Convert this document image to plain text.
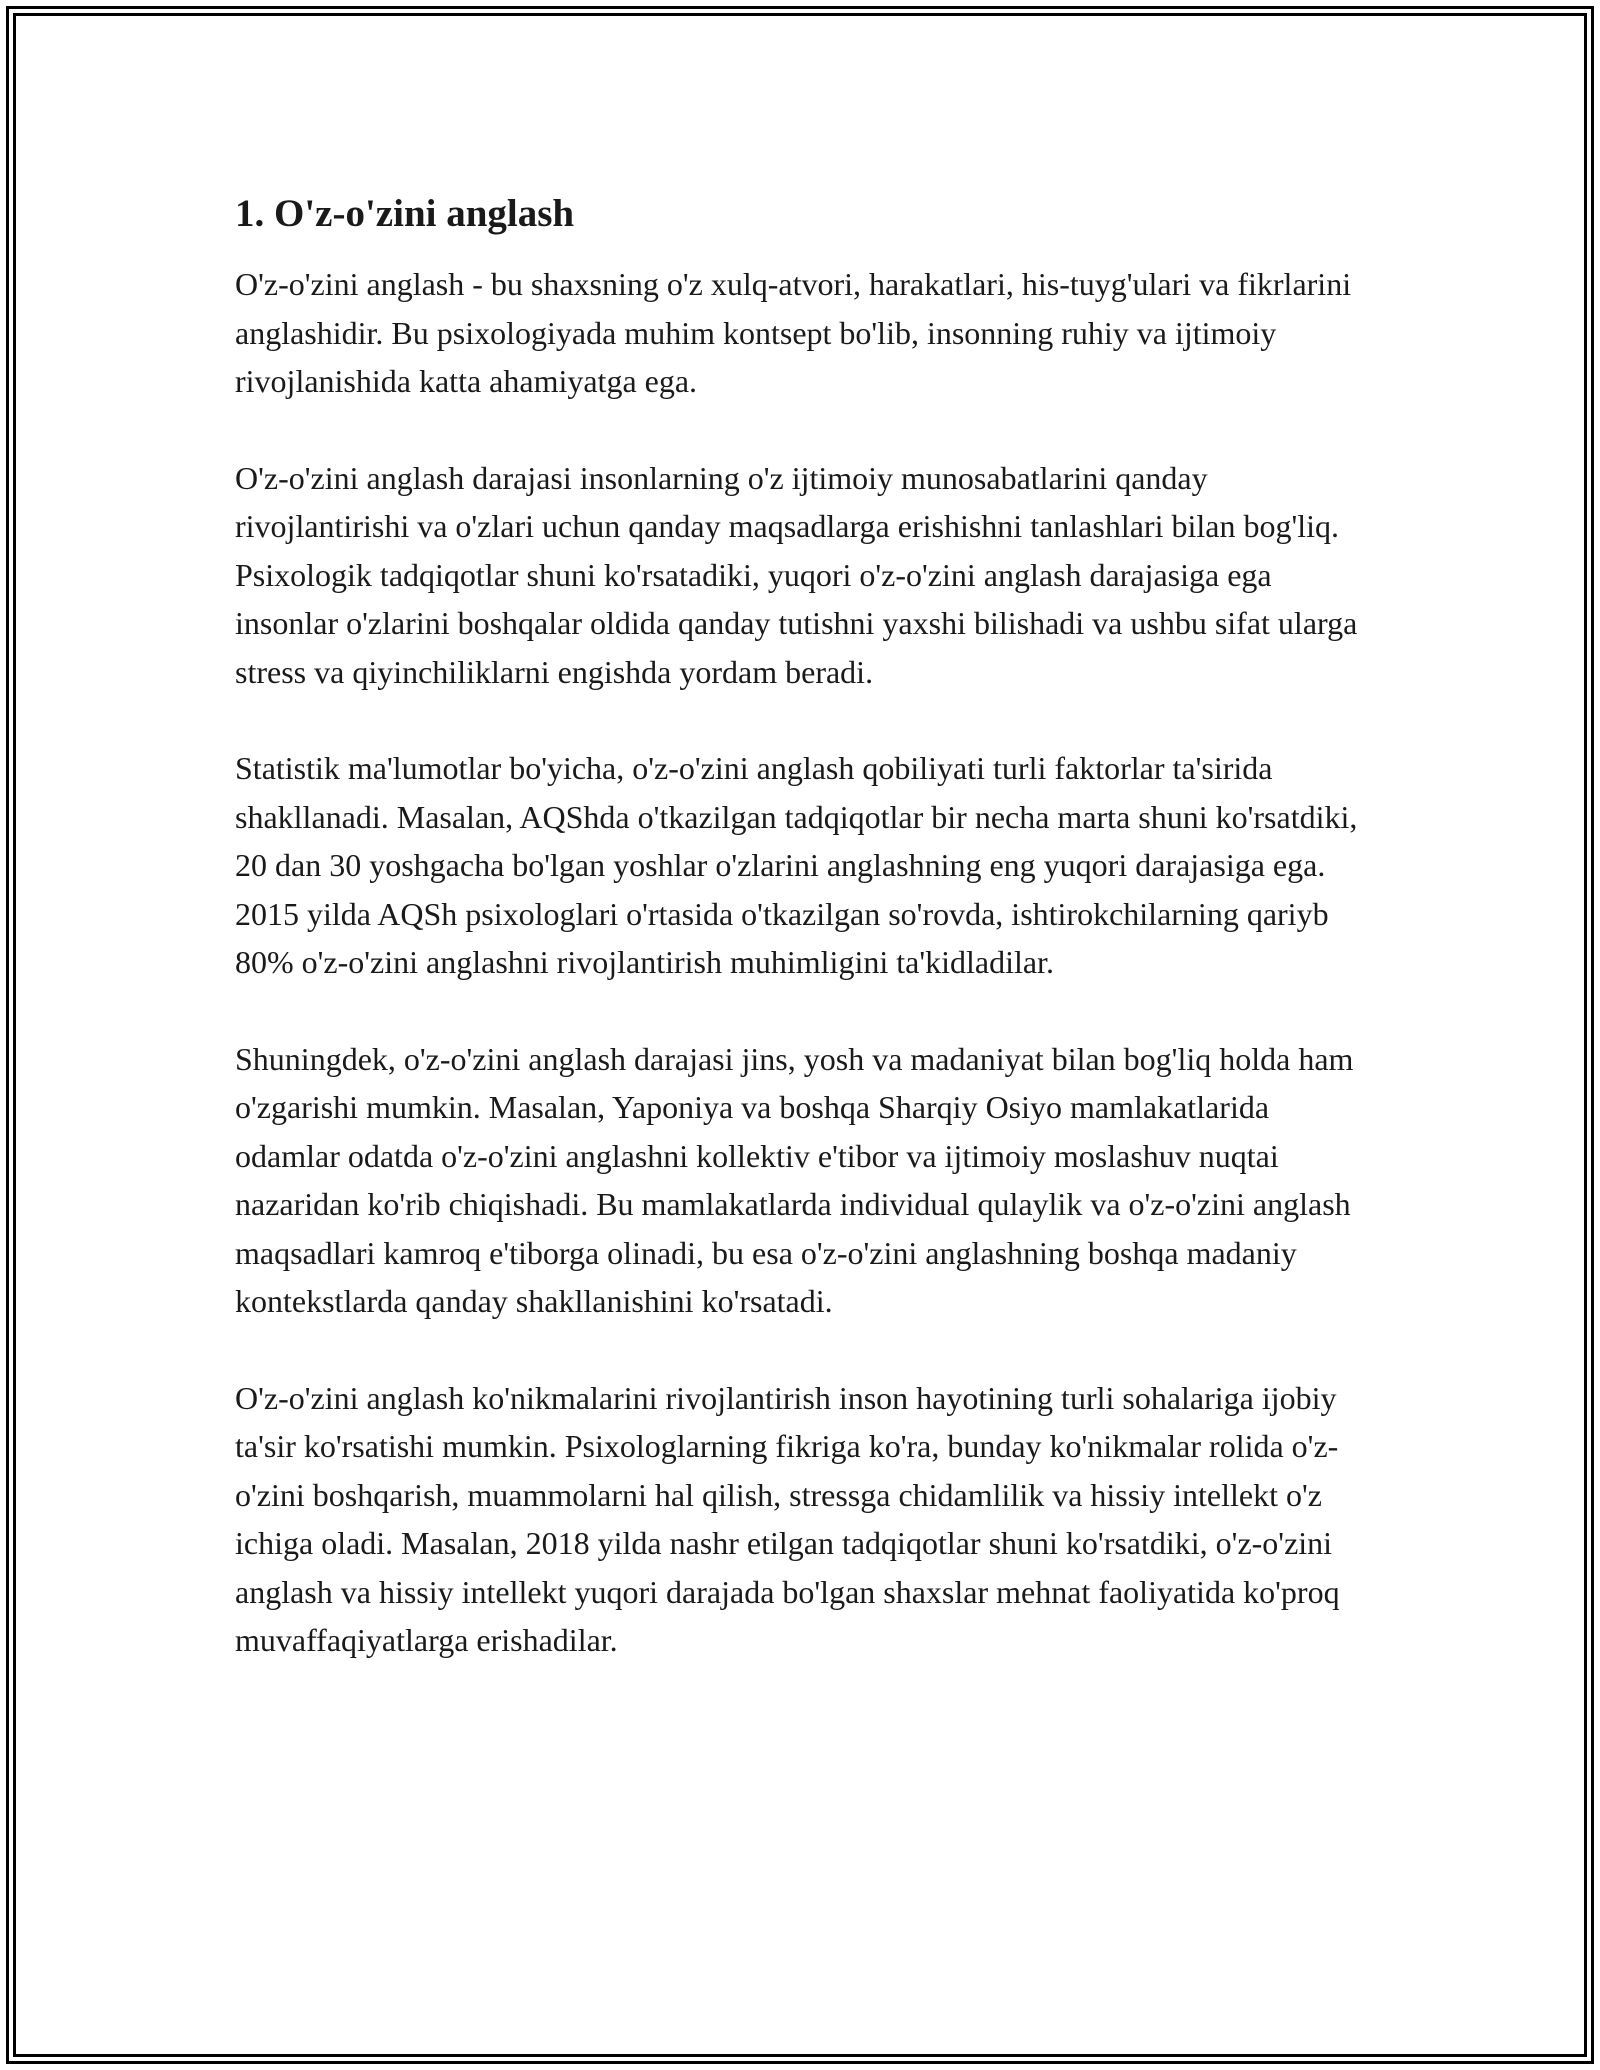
1. O'z-o'zini anglash

O'z-o'zini anglash - bu shaxsning o'z xulq-atvori, harakatlari, his-tuyg'ulari va fikrlarini anglashidir. Bu psixologiyada muhim kontsept bo'lib, insonning ruhiy va ijtimoiy rivojlanishida katta ahamiyatga ega.

O'z-o'zini anglash darajasi insonlarning o'z ijtimoiy munosabatlarini qanday rivojlantirishi va o'zlari uchun qanday maqsadlarga erishishni tanlashlari bilan bog'liq. Psixologik tadqiqotlar shuni ko'rsatadiki, yuqori o'z-o'zini anglash darajasiga ega insonlar o'zlarini boshqalar oldida qanday tutishni yaxshi bilishadi va ushbu sifat ularga stress va qiyinchiliklarni engishda yordam beradi.

Statistik ma'lumotlar bo'yicha, o'z-o'zini anglash qobiliyati turli faktorlar ta'sirida shakllanadi. Masalan, AQShda o'tkazilgan tadqiqotlar bir necha marta shuni ko'rsatdiki, 20 dan 30 yoshgacha bo'lgan yoshlar o'zlarini anglashning eng yuqori darajasiga ega. 2015 yilda AQSh psixologlari o'rtasida o'tkazilgan so'rovda, ishtirokchilarning qariyb 80% o'z-o'zini anglashni rivojlantirish muhimligini ta'kidladilar.

Shuningdek, o'z-o'zini anglash darajasi jins, yosh va madaniyat bilan bog'liq holda ham o'zgarishi mumkin. Masalan, Yaponiya va boshqa Sharqiy Osiyo mamlakatlarida odamlar odatda o'z-o'zini anglashni kollektiv e'tibor va ijtimoiy moslashuv nuqtai nazaridan ko'rib chiqishadi. Bu mamlakatlarda individual qulaylik va o'z-o'zini anglash maqsadlari kamroq e'tiborga olinadi, bu esa o'z-o'zini anglashning boshqa madaniy kontekstlarda qanday shakllanishini ko'rsatadi.

O'z-o'zini anglash ko'nikmalarini rivojlantirish inson hayotining turli sohalariga ijobiy ta'sir ko'rsatishi mumkin. Psixologlarning fikriga ko'ra, bunday ko'nikmalar rolida o'z-o'zini boshqarish, muammolarni hal qilish, stressga chidamlilik va hissiy intellekt o'z ichiga oladi. Masalan, 2018 yilda nashr etilgan tadqiqotlar shuni ko'rsatdiki, o'z-o'zini anglash va hissiy intellekt yuqori darajada bo'lgan shaxslar mehnat faoliyatida ko'proq muvaffaqiyatlarga erishadilar.
